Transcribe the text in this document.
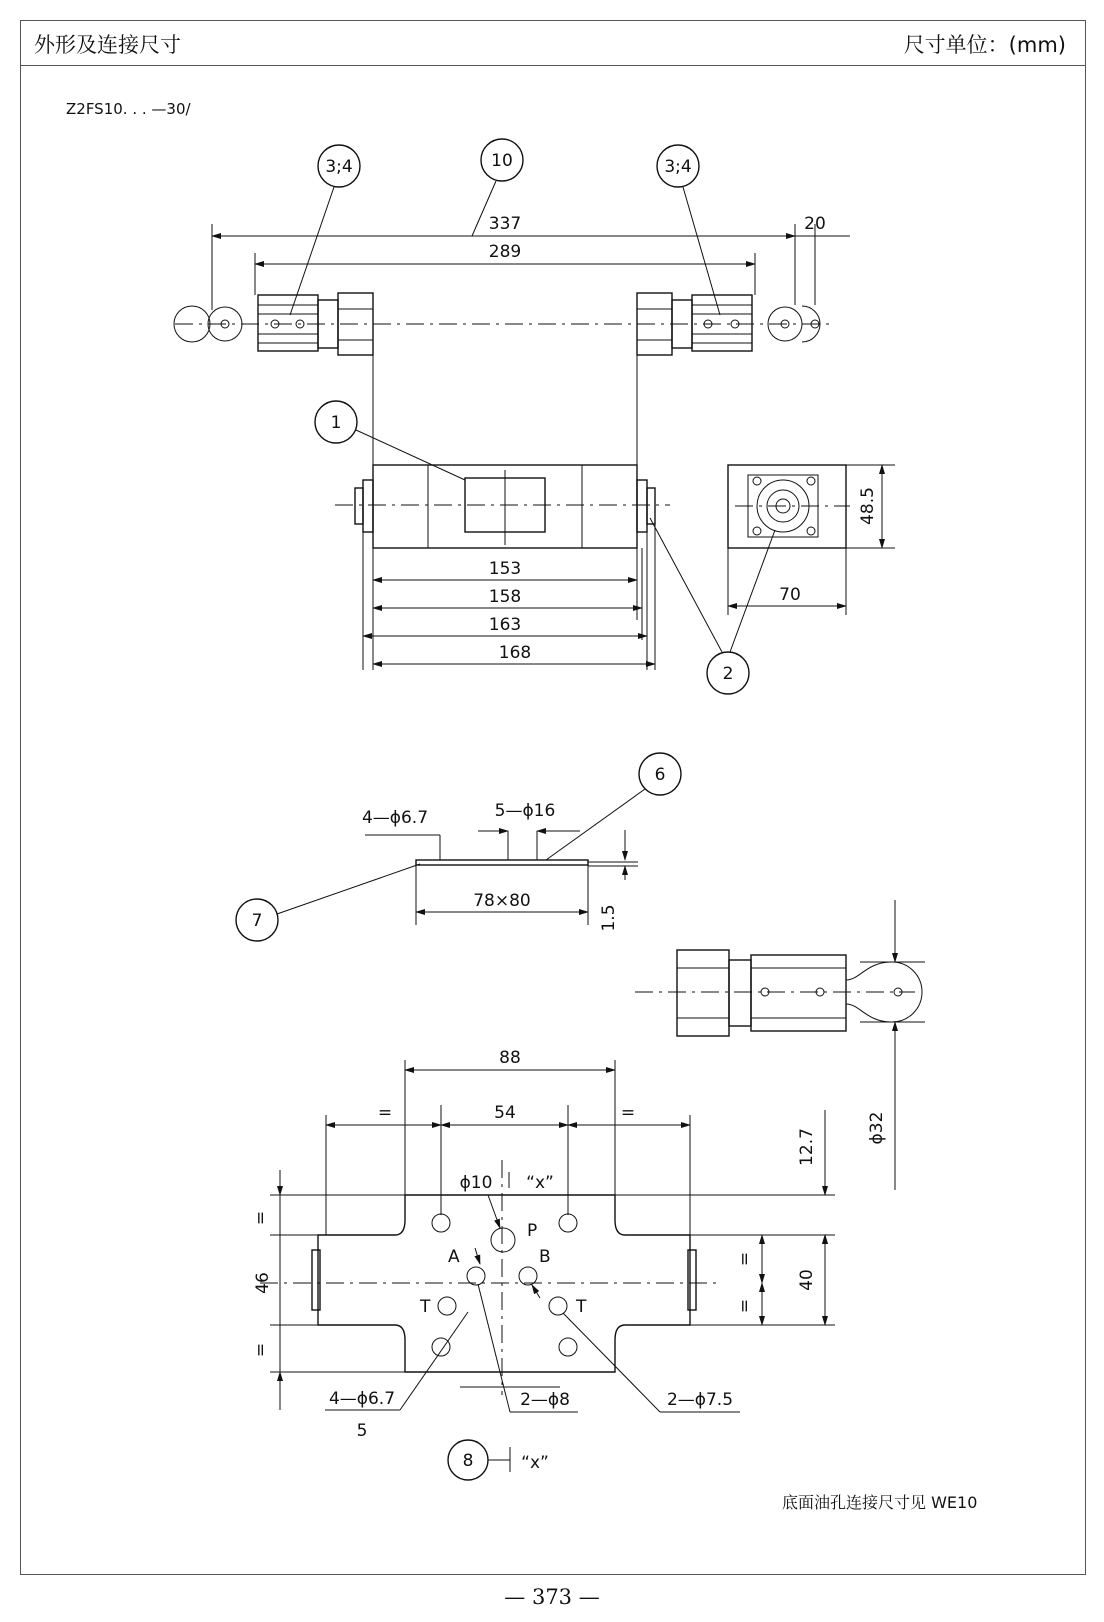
外形及连接尺寸	尺寸单位：(mm)
Z2FS10. . . —30/
337
289
20
3;4	10	3;4
153
158
163
168
1
48.5
70
2
1.5
78×80
4—ϕ6.7	5—ϕ16
6
7
ϕ32
P
A	B
T	T
88
=	54	=
=
46
=
=
=
40
12.7
ϕ10 “x”
4—ϕ6.7
5
2—ϕ8	2—ϕ7.5
8	“x”
底面油孔连接尺寸见 WE10
— 373 —
